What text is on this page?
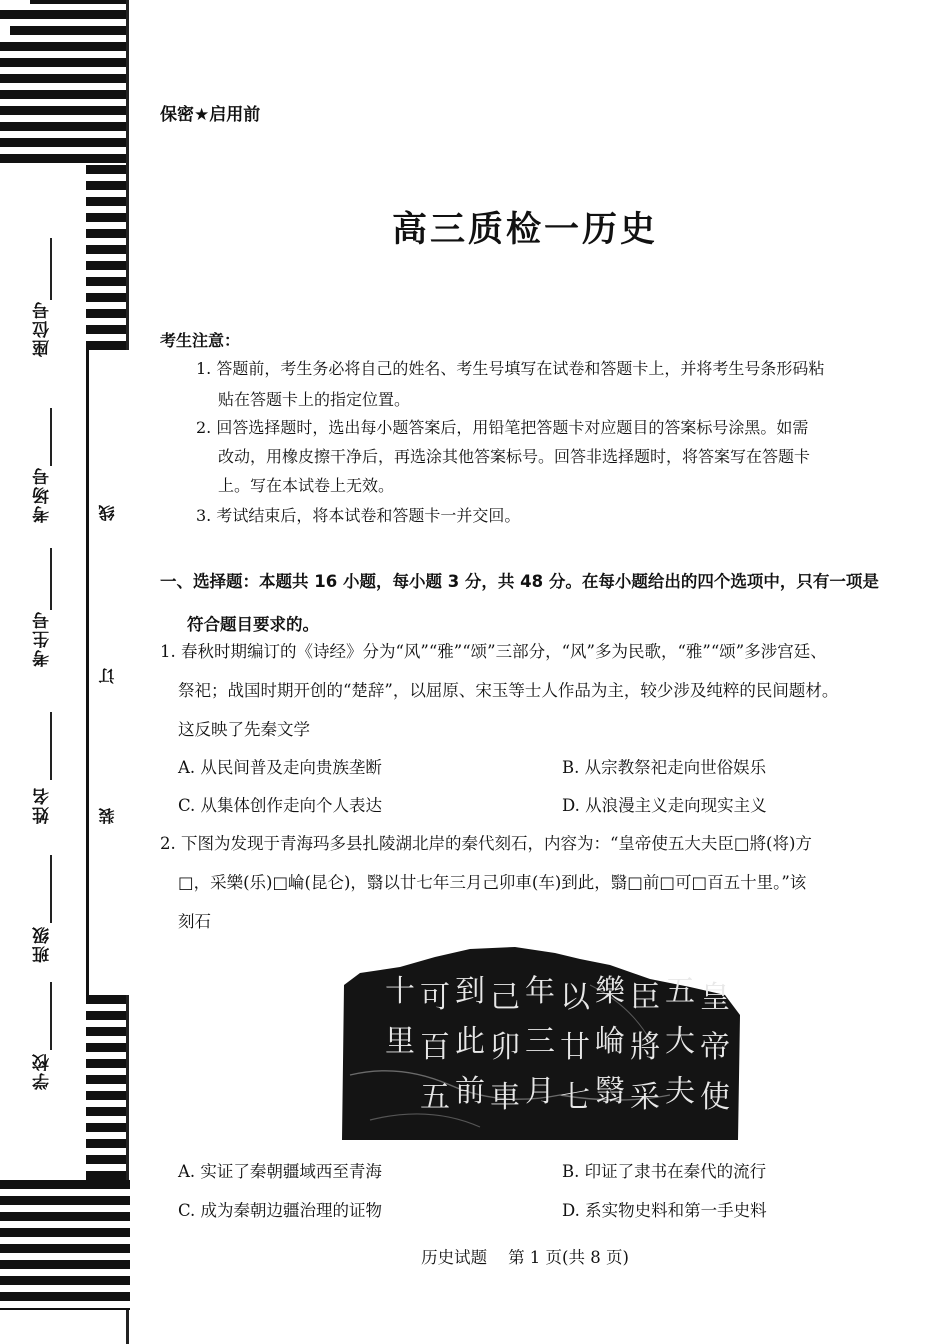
座位号
考场号
考生号
姓名
班级
学校
线
订
装
保密★启用前
高三质检一历史
考生注意：
1. 答题前，考生务必将自己的姓名、考生号填写在试卷和答题卡上，并将考生号条形码粘
贴在答题卡上的指定位置。
2. 回答选择题时，选出每小题答案后，用铅笔把答题卡对应题目的答案标号涂黑。如需
改动，用橡皮擦干净后，再选涂其他答案标号。回答非选择题时，将答案写在答题卡
上。写在本试卷上无效。
3. 考试结束后，将本试卷和答题卡一并交回。
一、选择题：本题共 16 小题，每小题 3 分，共 48 分。在每小题给出的四个选项中，只有一项是
符合题目要求的。
1. 春秋时期编订的《诗经》分为“风”“雅”“颂”三部分，“风”多为民歌，“雅”“颂”多涉宫廷、
祭祀；战国时期开创的“楚辞”，以屈原、宋玉等士人作品为主，较少涉及纯粹的民间题材。
这反映了先秦文学
A. 从民间普及走向贵族垄断	B. 从宗教祭祀走向世俗娱乐
C. 从集体创作走向个人表达	D. 从浪漫主义走向现实主义
2. 下图为发现于青海玛多县扎陵湖北岸的秦代刻石，内容为：“皇帝使五大夫臣□將(将)方
□，采樂(乐)□崘(昆仑)，翳以廿七年三月己卯車(车)到此，翳□前□可□百五十里。”该
刻石
皇
帝
使
五
大
夫
臣
將
采
樂
崘
翳
以
廿
七
年
三
月
己
卯
車
到
此
前
可
百
五
十
里
A. 实证了秦朝疆域西至青海	B. 印证了隶书在秦代的流行
C. 成为秦朝边疆治理的证物	D. 系实物史料和第一手史料
历史试题 第 1 页(共 8 页)
